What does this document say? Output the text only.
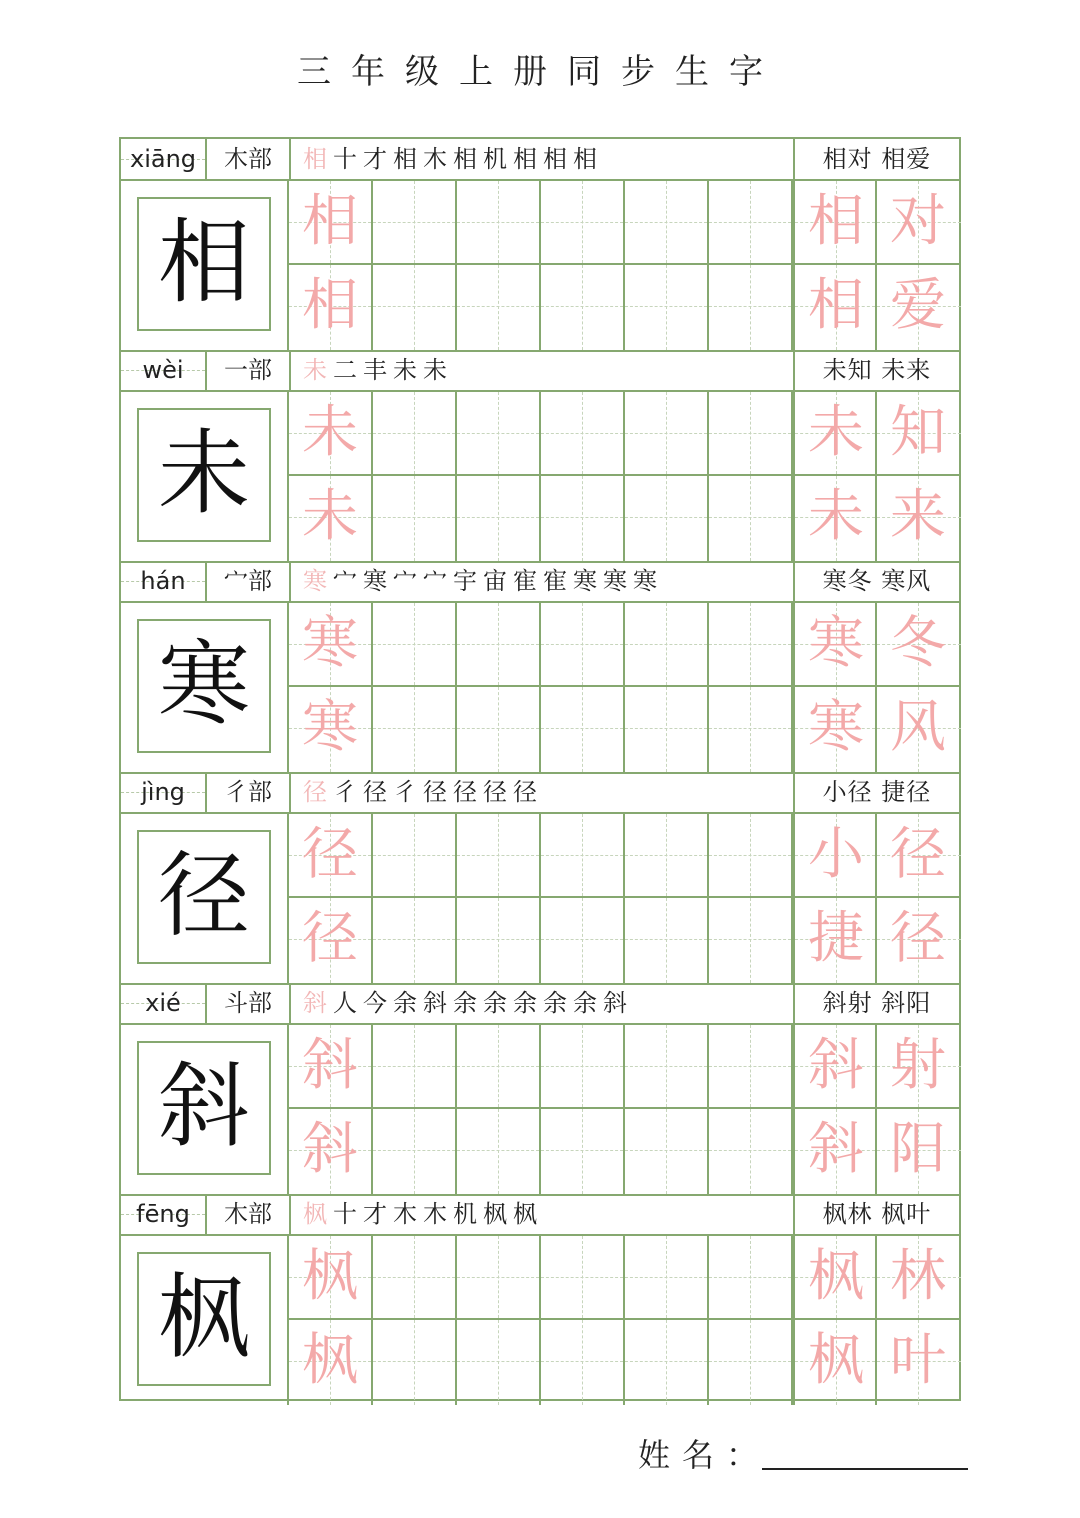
三年级上册同步生字
xiāng	木部	相 十 才 相 木 相 机 相 相 相	相对 相爱
相 相	相 对
相	相 爱
wèi	一部	未 二 丰 未 未	未知 未来
未 未	未 知
未	未 来
hán	宀部	寒 宀 寒 宀 宀 宇 宙 寉 寉 寒 寒 寒	寒冬 寒风
寒 寒	寒 冬
寒	寒 风
jìng	彳部	径 彳 径 彳 径 径 径 径	小径 捷径
径 径	小 径
径	捷 径
xié	斗部	斜 人 今 余 斜 余 余 余 余 余 斜	斜射 斜阳
斜 斜	斜 射
斜	斜 阳
fēng	木部	枫 十 才 木 木 机 枫 枫	枫林 枫叶
枫 枫	枫 林
枫	枫 叶
姓名：
